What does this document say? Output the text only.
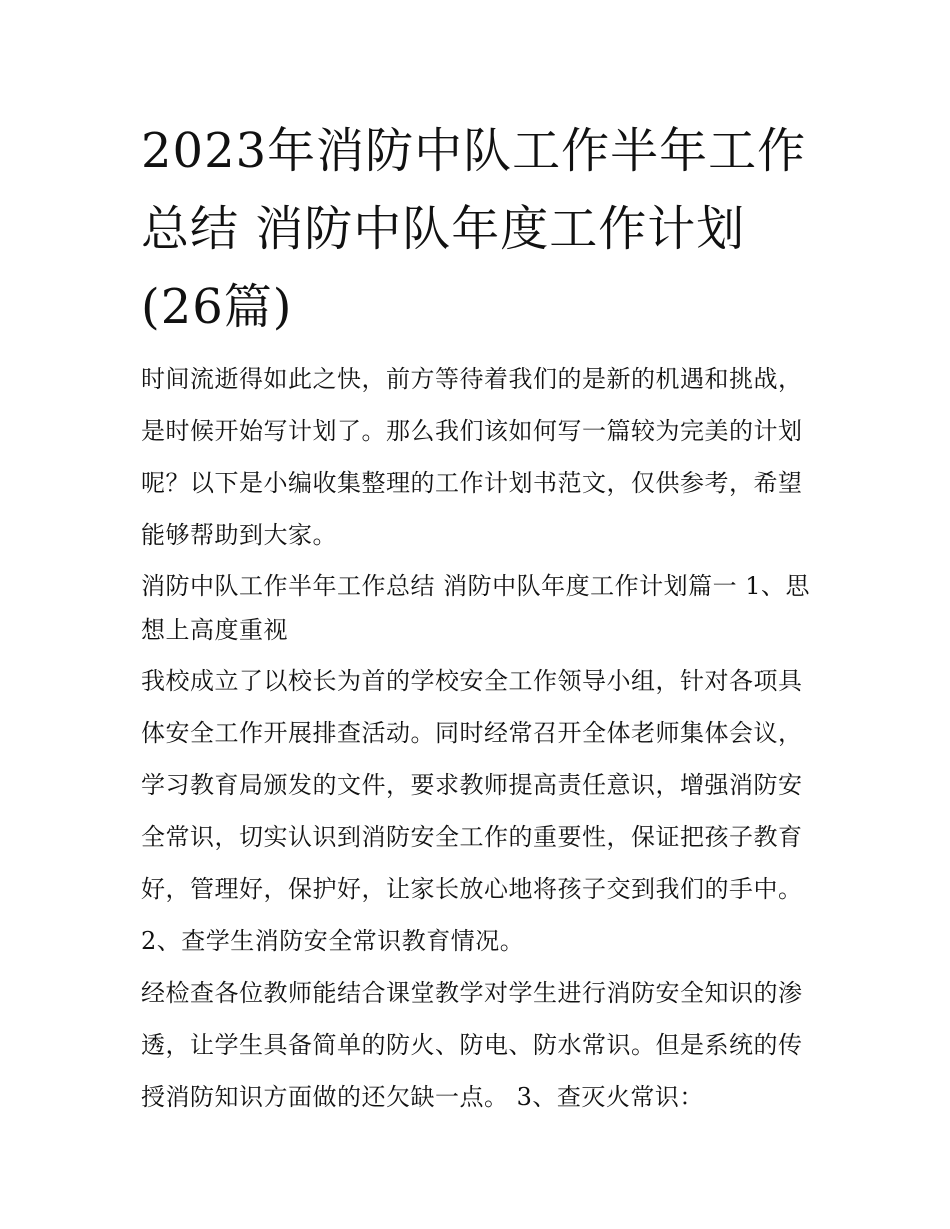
2023年消防中队工作半年工作
总结 消防中队年度工作计划
(26篇)

时间流逝得如此之快，前方等待着我们的是新的机遇和挑战，
是时候开始写计划了。那么我们该如何写一篇较为完美的计划
呢？以下是小编收集整理的工作计划书范文，仅供参考，希望
能够帮助到大家。

消防中队工作半年工作总结 消防中队年度工作计划篇一 1、思
想上高度重视

我校成立了以校长为首的学校安全工作领导小组，针对各项具
体安全工作开展排查活动。同时经常召开全体老师集体会议，
学习教育局颁发的文件，要求教师提高责任意识，增强消防安
全常识，切实认识到消防安全工作的重要性，保证把孩子教育
好，管理好，保护好，让家长放心地将孩子交到我们的手中。

2、查学生消防安全常识教育情况。

经检查各位教师能结合课堂教学对学生进行消防安全知识的渗
透，让学生具备简单的防火、防电、防水常识。但是系统的传
授消防知识方面做的还欠缺一点。 3、查灭火常识：
